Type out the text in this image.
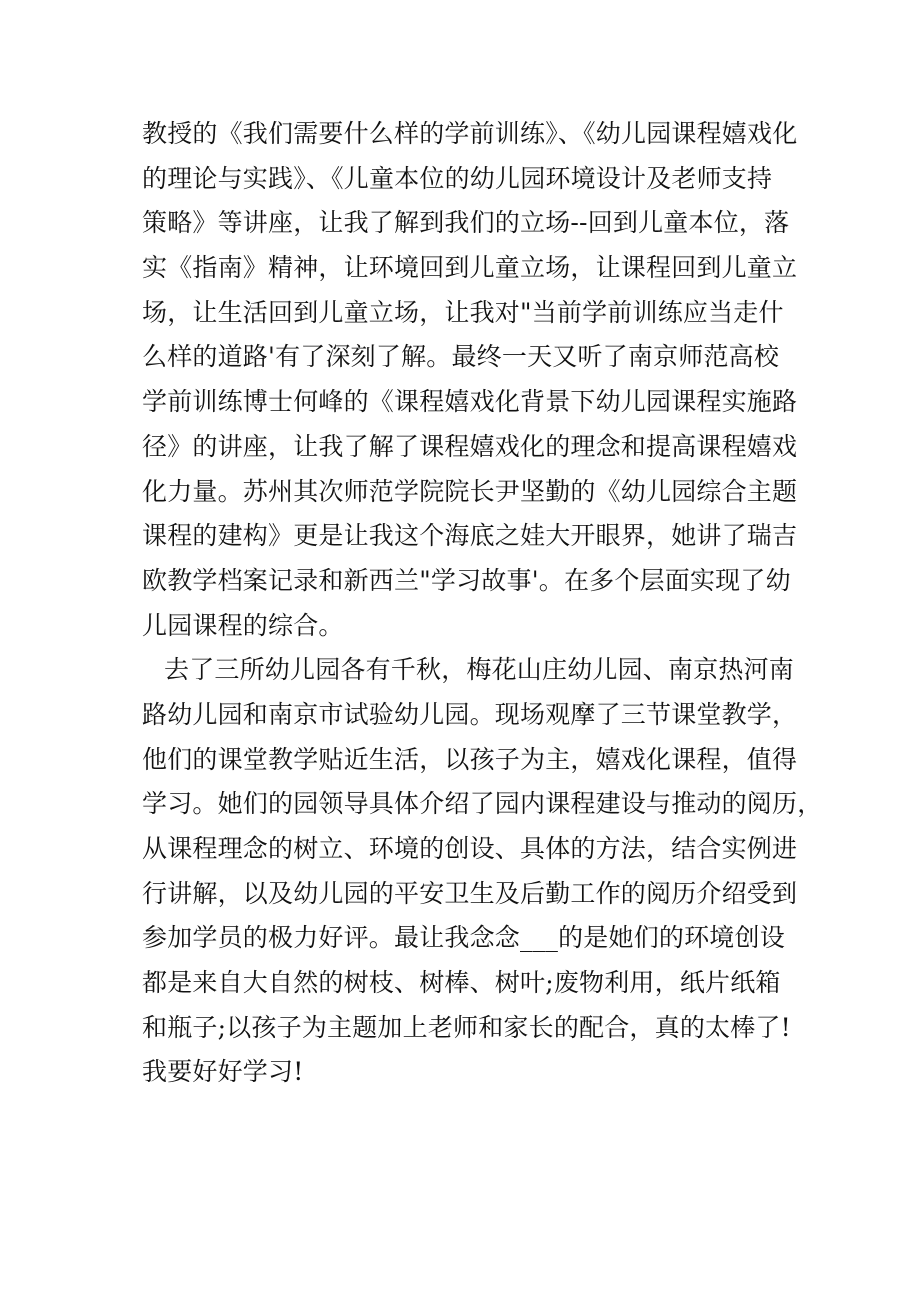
教授的《我们需要什么样的学前训练》、《幼儿园课程嬉戏化
的理论与实践》、《儿童本位的幼儿园环境设计及老师支持
策略》等讲座，让我了解到我们的立场--回到儿童本位，落
实《指南》精神，让环境回到儿童立场，让课程回到儿童立
场，让生活回到儿童立场，让我对"当前学前训练应当走什
么样的道路'有了深刻了解。最终一天又听了南京师范高校
学前训练博士何峰的《课程嬉戏化背景下幼儿园课程实施路
径》的讲座，让我了解了课程嬉戏化的理念和提高课程嬉戏
化力量。苏州其次师范学院院长尹坚勤的《幼儿园综合主题
课程的建构》更是让我这个海底之娃大开眼界，她讲了瑞吉
欧教学档案记录和新西兰"学习故事'。在多个层面实现了幼
儿园课程的综合。
去了三所幼儿园各有千秋，梅花山庄幼儿园、南京热河南
路幼儿园和南京市试验幼儿园。现场观摩了三节课堂教学，
他们的课堂教学贴近生活，以孩子为主，嬉戏化课程，值得
学习。她们的园领导具体介绍了园内课程建设与推动的阅历，
从课程理念的树立、环境的创设、具体的方法，结合实例进
行讲解，以及幼儿园的平安卫生及后勤工作的阅历介绍受到
参加学员的极力好评。最让我念念___的是她们的环境创设
都是来自大自然的树枝、树棒、树叶;废物利用，纸片纸箱
和瓶子;以孩子为主题加上老师和家长的配合，真的太棒了!
我要好好学习!
